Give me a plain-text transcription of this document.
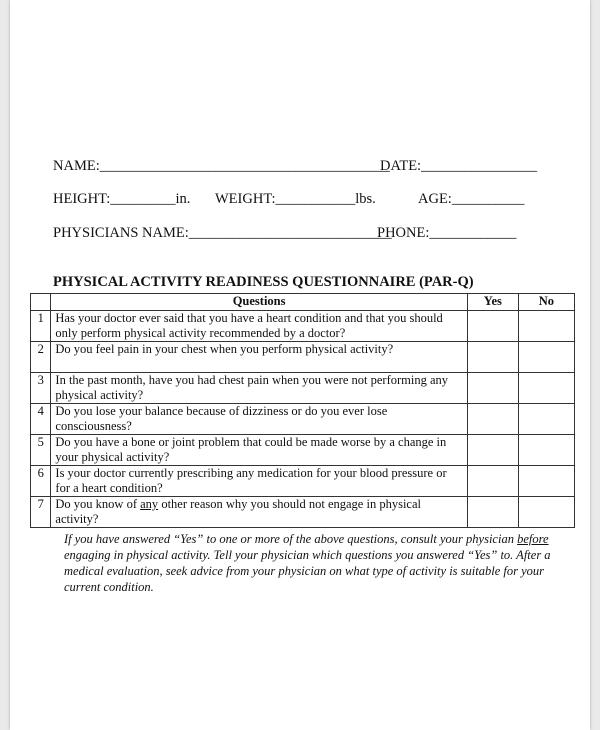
NAME:________________________________________
DATE:________________
HEIGHT:_________in. WEIGHT:___________lbs.	AGE:__________
PHYSICIANS NAME:____________________________
PHONE:____________
PHYSICAL ACTIVITY READINESS QUESTIONNAIRE (PAR-Q)
	Questions	Yes	No
1	Has your doctor ever said that you have a heart condition and that you should only perform physical activity recommended by a doctor?		
2	Do you feel pain in your chest when you perform physical activity?		
3	In the past month, have you had chest pain when you were not performing any physical activity?		
4	Do you lose your balance because of dizziness or do you ever lose consciousness?		
5	Do you have a bone or joint problem that could be made worse by a change in your physical activity?		
6	Is your doctor currently prescribing any medication for your blood pressure or for a heart condition?		
7	Do you know of any other reason why you should not engage in physical activity?		
If you have answered “Yes” to one or more of the above questions, consult your physician before engaging in physical activity. Tell your physician which questions you answered “Yes” to. After a medical evaluation, seek advice from your physician on what type of activity is suitable for your current condition.
